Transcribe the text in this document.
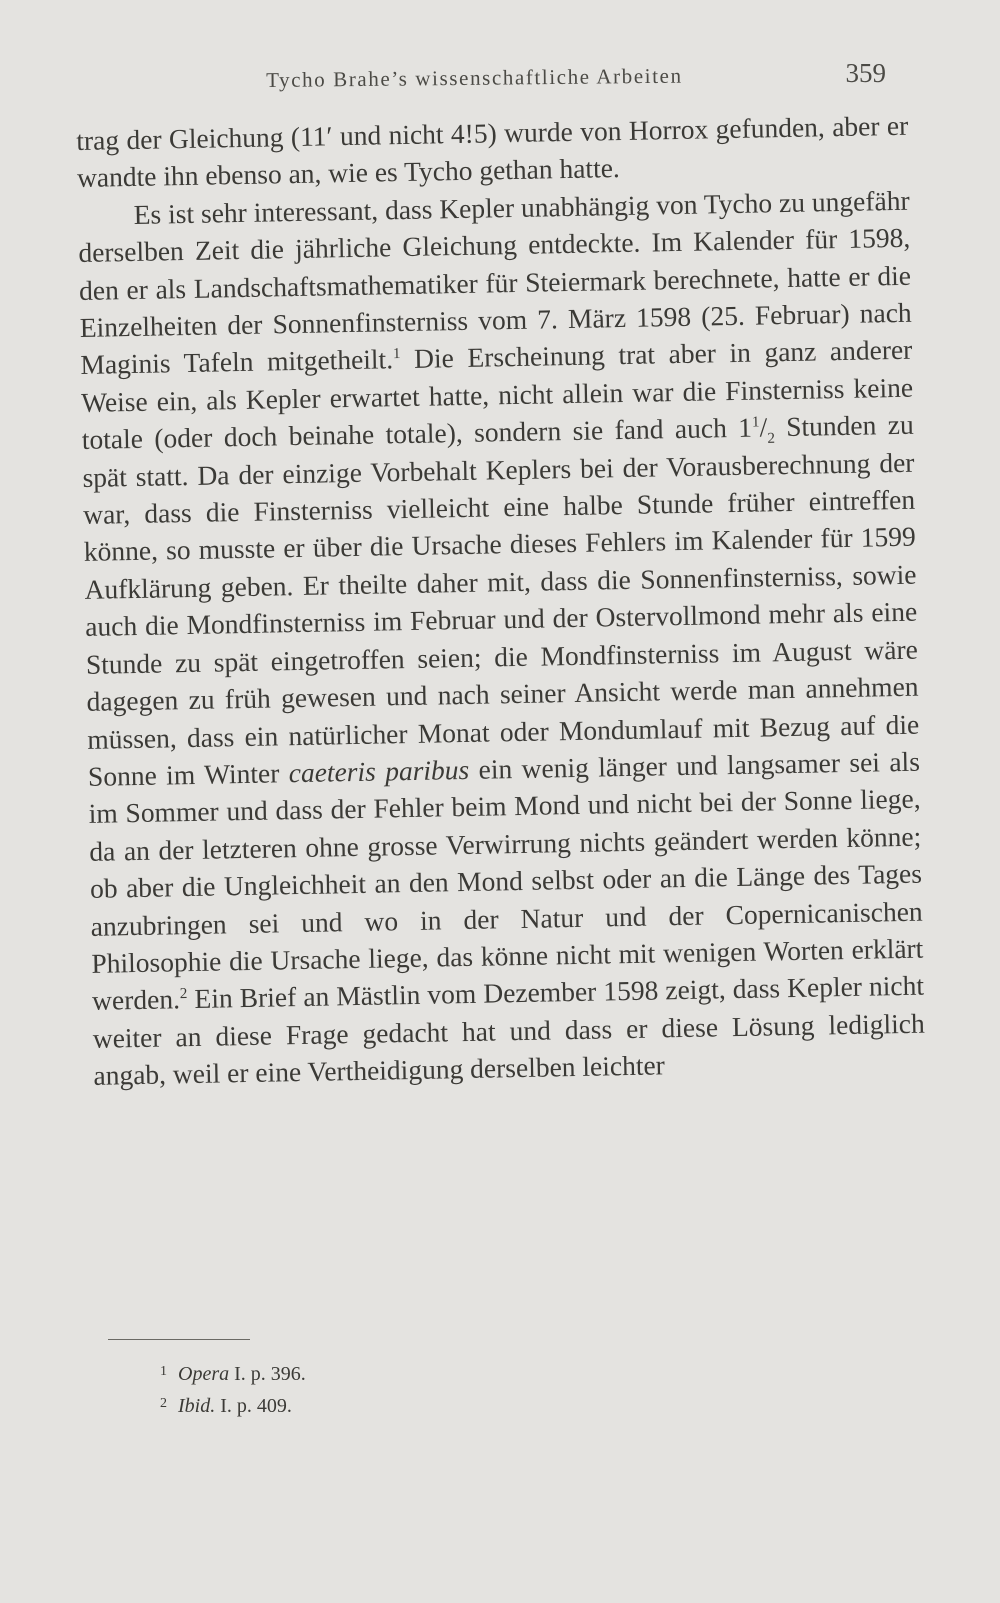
Tycho Brahe’s wissenschaftliche Arbeiten	359

trag der Gleichung (11′ und nicht 4!5) wurde von Horrox gefunden, aber er wandte ihn ebenso an, wie es Tycho gethan hatte.

Es ist sehr interessant, dass Kepler unabhängig von Tycho zu ungefähr derselben Zeit die jährliche Gleichung entdeckte. Im Kalender für 1598, den er als Landschaftsmathematiker für Steiermark berechnete, hatte er die Einzelheiten der Sonnenfinsterniss vom 7. März 1598 (25. Februar) nach Maginis Tafeln mitgetheilt.$^1$ Die Erscheinung trat aber in ganz anderer Weise ein, als Kepler erwartet hatte, nicht allein war die Finsterniss keine totale (oder doch beinahe totale), sondern sie fand auch $1^1/_2$ Stunden zu spät statt. Da der einzige Vorbehalt Keplers bei der Vorausberechnung der war, dass die Finsterniss vielleicht eine halbe Stunde früher eintreffen könne, so musste er über die Ursache dieses Fehlers im Kalender für 1599 Aufklärung geben. Er theilte daher mit, dass die Sonnenfinsterniss, sowie auch die Mondfinsterniss im Februar und der Ostervollmond mehr als eine Stunde zu spät eingetroffen seien; die Mondfinsterniss im August wäre dagegen zu früh gewesen und nach seiner Ansicht werde man annehmen müssen, dass ein natürlicher Monat oder Mondumlauf mit Bezug auf die Sonne im Winter caeteris paribus ein wenig länger und langsamer sei als im Sommer und dass der Fehler beim Mond und nicht bei der Sonne liege, da an der letzteren ohne grosse Verwirrung nichts geändert werden könne; ob aber die Ungleichheit an den Mond selbst oder an die Länge des Tages anzubringen sei und wo in der Natur und der Copernicanischen Philosophie die Ursache liege, das könne nicht mit wenigen Worten erklärt werden.$^2$ Ein Brief an Mästlin vom Dezember 1598 zeigt, dass Kepler nicht weiter an diese Frage gedacht hat und dass er diese Lösung lediglich angab, weil er eine Vertheidigung derselben leichter

1 Opera I. p. 396.
2 Ibid. I. p. 409.
